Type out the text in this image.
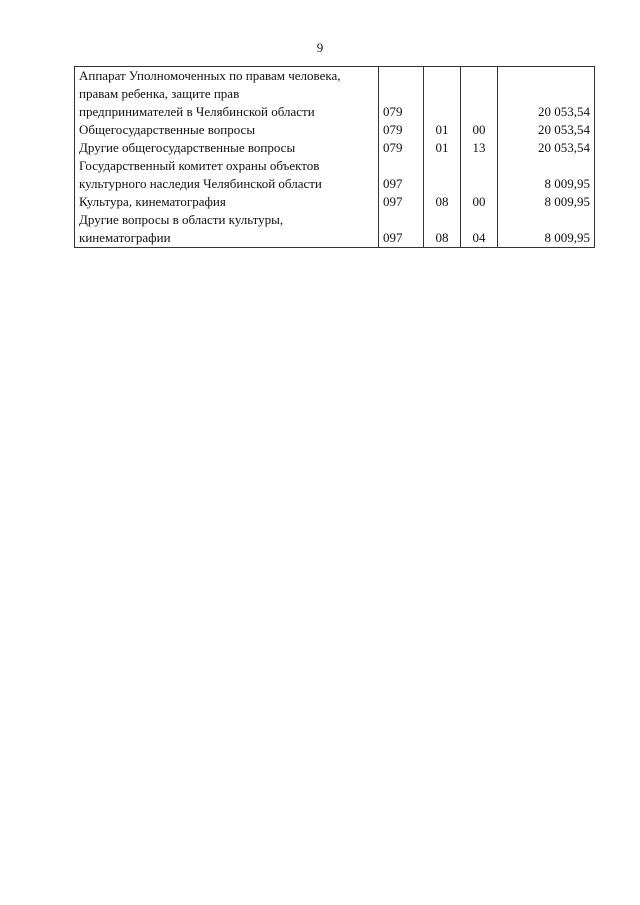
9
Аппарат Уполномоченных по правам человека,
правам ребенка, защите прав
предпринимателей в Челябинской области	079			20 053,54

Общегосударственные вопросы	079	01	00	20 053,54

Другие общегосударственные вопросы	079	01	13	20 053,54

Государственный комитет охраны объектов
культурного наследия Челябинской области	097			8 009,95

Культура, кинематография	097	08	00	8 009,95

Другие вопросы в области культуры,
кинематографии	097	08	04	8 009,95
